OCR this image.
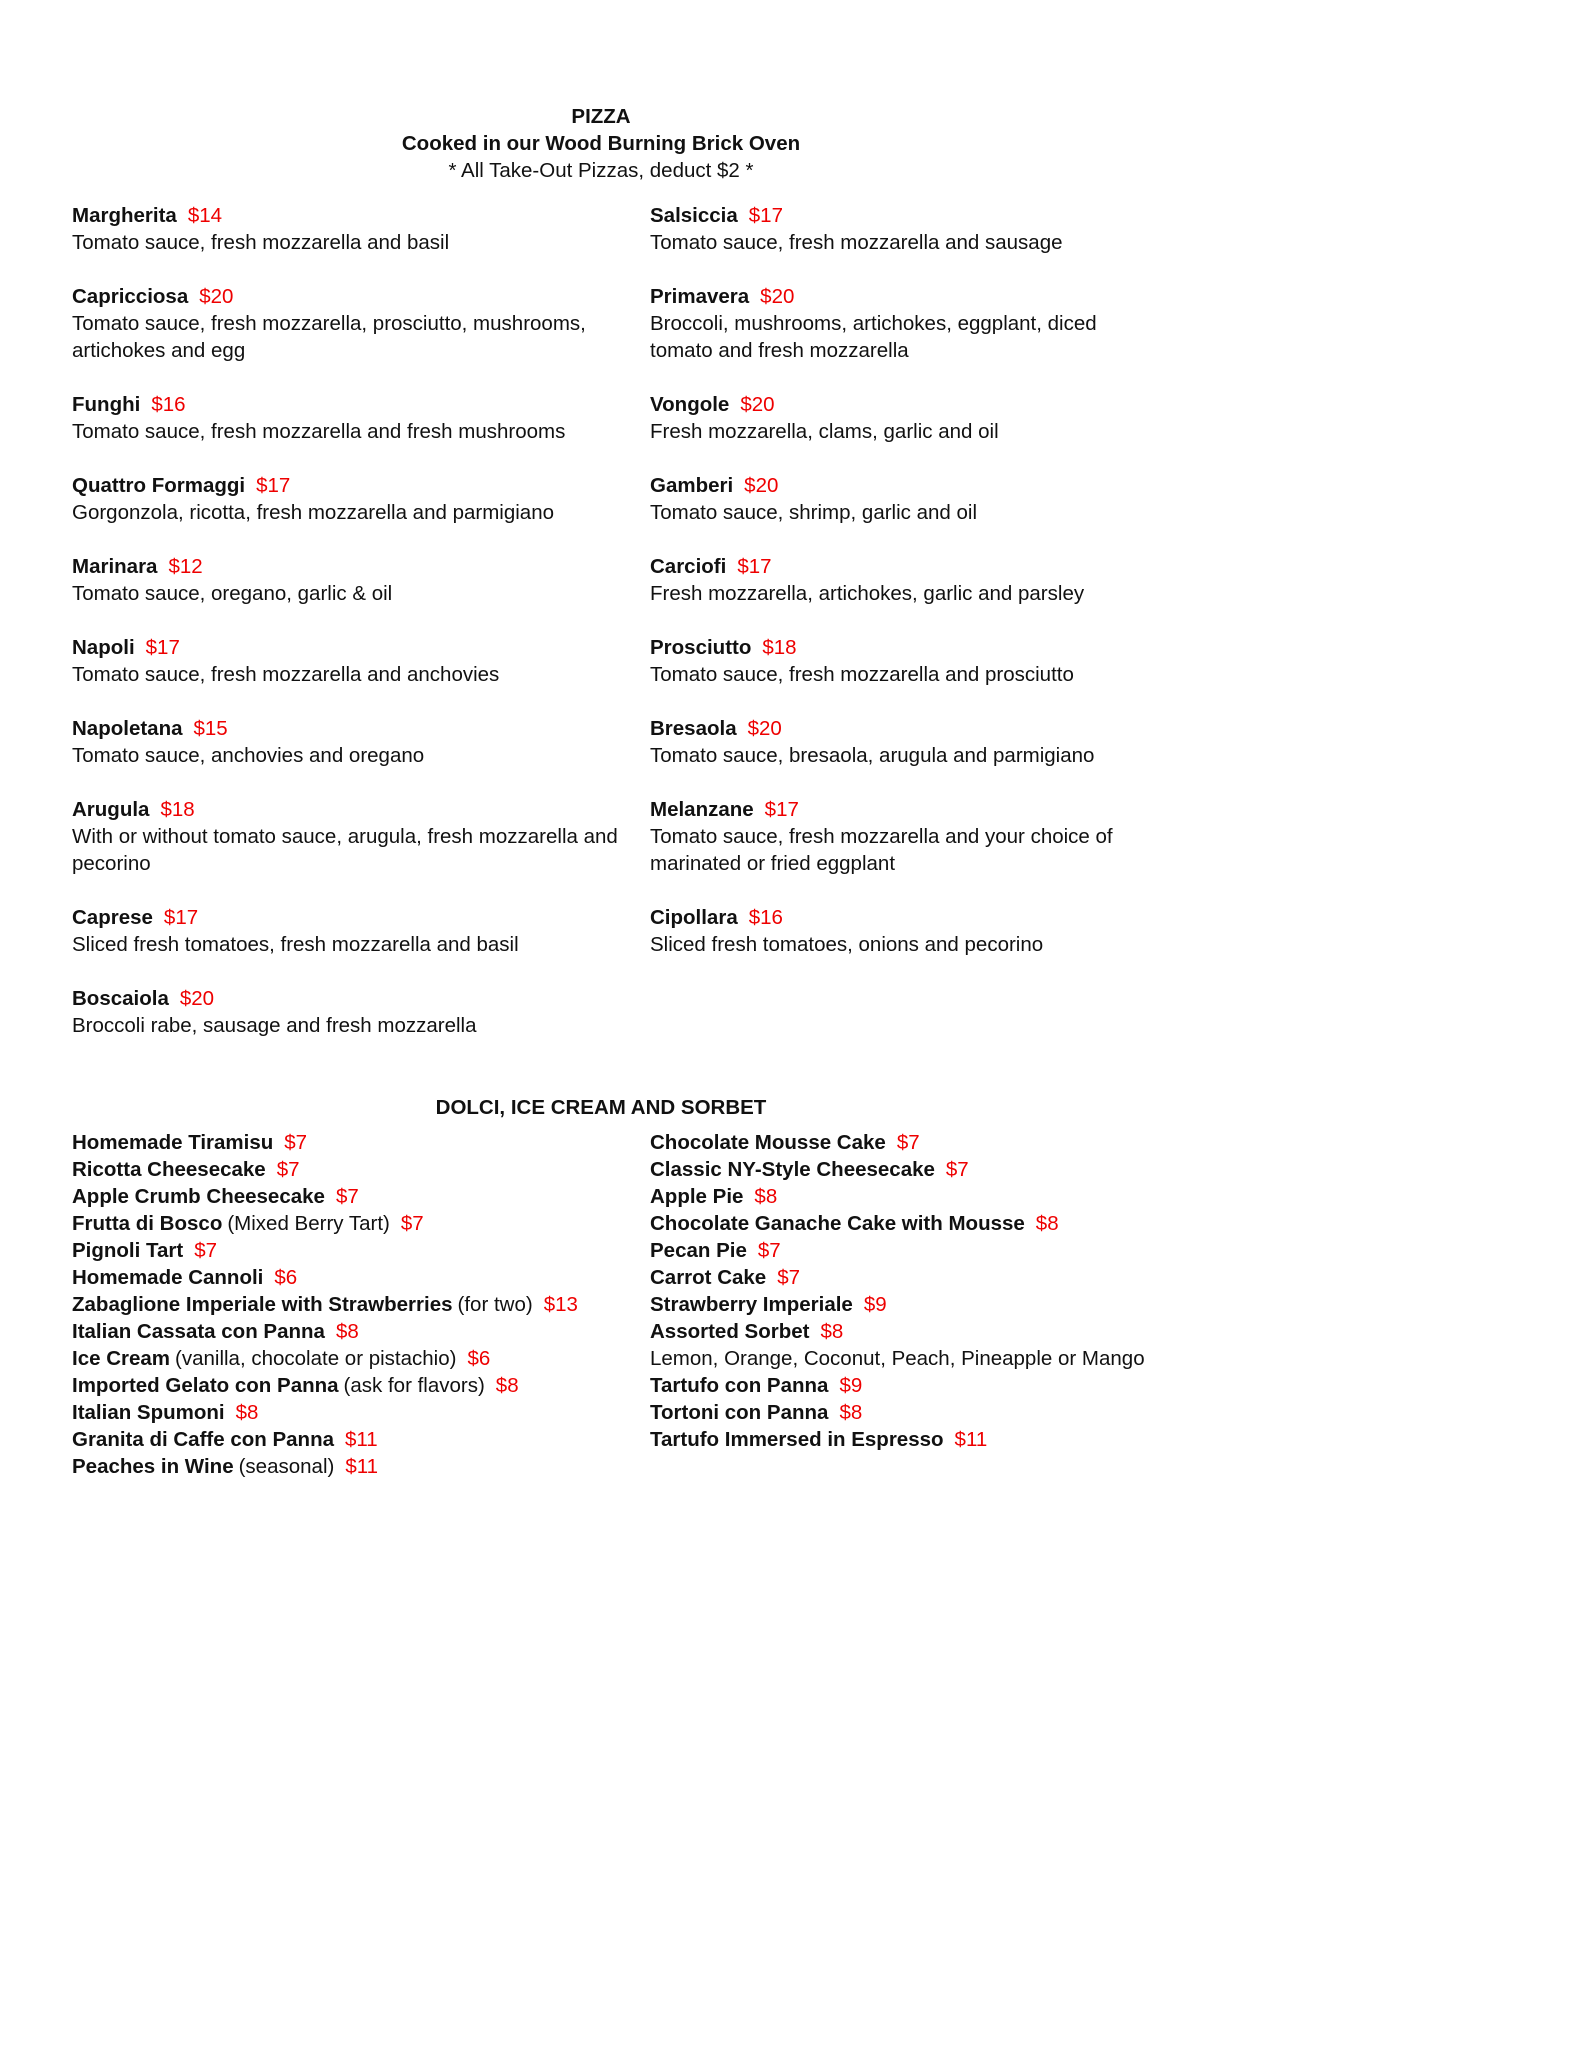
PIZZA
Cooked in our Wood Burning Brick Oven
* All Take-Out Pizzas, deduct $2 *
Margherita $14
Tomato sauce, fresh mozzarella and basil
Capricciosa $20
Tomato sauce, fresh mozzarella, prosciutto, mushrooms, artichokes and egg
Funghi $16
Tomato sauce, fresh mozzarella and fresh mushrooms
Quattro Formaggi $17
Gorgonzola, ricotta, fresh mozzarella and parmigiano
Marinara $12
Tomato sauce, oregano, garlic & oil
Napoli $17
Tomato sauce, fresh mozzarella and anchovies
Napoletana $15
Tomato sauce, anchovies and oregano
Arugula $18
With or without tomato sauce, arugula, fresh mozzarella and pecorino
Caprese $17
Sliced fresh tomatoes, fresh mozzarella and basil
Boscaiola $20
Broccoli rabe, sausage and fresh mozzarella
Salsiccia $17
Tomato sauce, fresh mozzarella and sausage
Primavera $20
Broccoli, mushrooms, artichokes, eggplant, diced tomato and fresh mozzarella
Vongole $20
Fresh mozzarella, clams, garlic and oil
Gamberi $20
Tomato sauce, shrimp, garlic and oil
Carciofi $17
Fresh mozzarella, artichokes, garlic and parsley
Prosciutto $18
Tomato sauce, fresh mozzarella and prosciutto
Bresaola $20
Tomato sauce, bresaola, arugula and parmigiano
Melanzane $17
Tomato sauce, fresh mozzarella and your choice of marinated or fried eggplant
Cipollara $16
Sliced fresh tomatoes, onions and pecorino
DOLCI, ICE CREAM AND SORBET
Homemade Tiramisu $7
Ricotta Cheesecake $7
Apple Crumb Cheesecake $7
Frutta di Bosco (Mixed Berry Tart) $7
Pignoli Tart $7
Homemade Cannoli $6
Zabaglione Imperiale with Strawberries (for two) $13
Italian Cassata con Panna $8
Ice Cream (vanilla, chocolate or pistachio) $6
Imported Gelato con Panna (ask for flavors) $8
Italian Spumoni $8
Granita di Caffe con Panna $11
Peaches in Wine (seasonal) $11
Chocolate Mousse Cake $7
Classic NY-Style Cheesecake $7
Apple Pie $8
Chocolate Ganache Cake with Mousse $8
Pecan Pie $7
Carrot Cake $7
Strawberry Imperiale $9
Assorted Sorbet $8
Lemon, Orange, Coconut, Peach, Pineapple or Mango
Tartufo con Panna $9
Tortoni con Panna $8
Tartufo Immersed in Espresso $11
